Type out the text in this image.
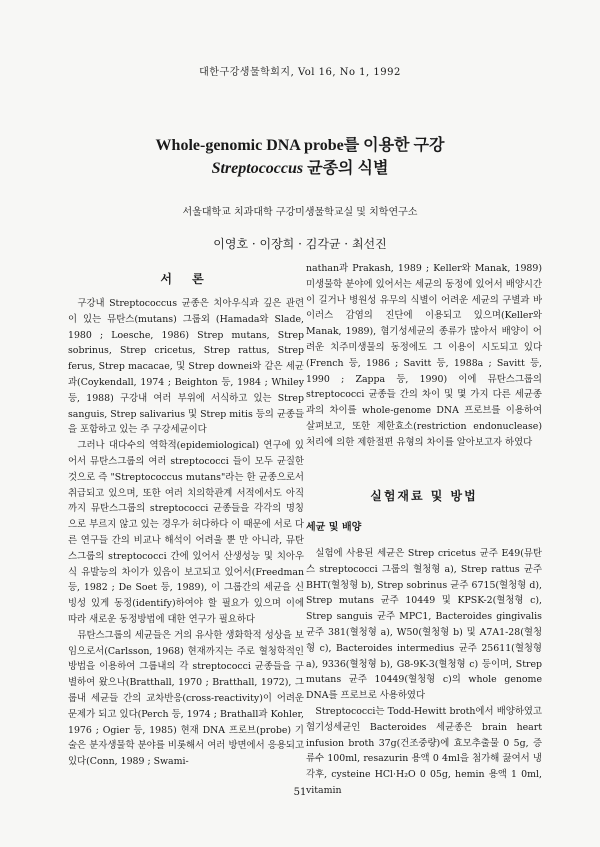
대한구강생물학회지, Vol 16, No 1, 1992
Whole-genomic DNA probe를 이용한 구강
Streptococcus 균종의 식별
서울대학교 치과대학 구강미생물학교실 및 치학연구소
이영호 · 이장희 · 김각균 · 최선진
서 론

구강내 Streptococcus 균종은 치아우식과 깊은 관련이 있는 뮤탄스(mutans) 그룹외 (Hamada와 Slade, 1980 ; Loesche, 1986) Strep mutans, Strep sobrinus, Strep cricetus, Strep rattus, Strep ferus, Strep macacae, 및 Strep downei와 같은 세균과(Coykendall, 1974 ; Beighton 등, 1984 ; Whiley 등, 1988) 구강내 여러 부위에 서식하고 있는 Strep sanguis, Strep salivarius 및 Strep mitis 등의 균종들을 포함하고 있는 주 구강세균이다

그러나 대다수의 역학적(epidemiological) 연구에 있어서 뮤탄스그룹의 여러 streptococci 들이 모두 균질한 것으로 즉 "Streptococcus mutans"라는 한 균종으로서 취급되고 있으며, 또한 여러 치의학관계 서적에서도 아직까지 뮤탄스그룹의 streptococci 균종들을 각각의 명칭으로 부르지 않고 있는 경우가 허다하다 이 때문에 서로 다른 연구들 간의 비교나 해석이 어려울 뿐 만 아니라, 뮤탄스그룹의 streptococci 간에 있어서 산생성능 및 치아우식 유발능의 차이가 있음이 보고되고 있어서(Freedman 등, 1982 ; De Soet 등, 1989), 이 그룹간의 세균을 신빙성 있게 동정(identify)하여야 할 필요가 있으며 이에 따라 새로운 동정방법에 대한 연구가 필요하다

뮤탄스그룹의 세균들은 거의 유사한 생화학적 성상을 보임으로서(Carlsson, 1968) 현재까지는 주로 혈청학적인 방법을 이용하여 그룹내의 각 streptococci 균종들을 구별하여 왔으나(Bratthall, 1970 ; Bratthall, 1972), 그룹내 세균들 간의 교차반응(cross-reactivity)이 어려운 문제가 되고 있다(Perch 등, 1974 ; Brathall과 Kohler, 1976 ; Ogier 등, 1985) 현재 DNA 프로브(probe) 기술은 분자생물학 분야를 비롯해서 여러 방면에서 응용되고 있다(Conn, 1989 ; Swami-

nathan과 Prakash, 1989 ; Keller와 Manak, 1989) 미생물학 분야에 있어서는 세균의 동정에 있어서 배양시간이 길거나 병원성 유무의 식별이 어려운 세균의 구별과 바이러스 감염의 진단에 이용되고 있으며(Keller와 Manak, 1989), 혐기성세균의 종류가 많아서 배양이 어려운 치주미생물의 동정에도 그 이용이 시도되고 있다(French 등, 1986 ; Savitt 등, 1988a ; Savitt 등, 1990 ; Zappa 등, 1990) 이에 뮤탄스그룹의 streptococci 균종들 간의 차이 및 몇 가지 다른 세균종과의 차이를 whole-genome DNA 프로브를 이용하여 살펴보고, 또한 제한효소(restriction endonuclease) 처리에 의한 제한절편 유형의 차이를 알아보고자 하였다

실험재료 및 방법
세균 및 배양

실험에 사용된 세균은 Strep cricetus 균주 E49(뮤탄스 streptococci 그룹의 혈청형 a), Strep rattus 균주 BHT(혈청형 b), Strep sobrinus 균주 6715(혈청형 d), Strep mutans 균주 10449 및 KPSK-2(혈청형 c), Strep sanguis 균주 MPC1, Bacteroides gingivalis 균주 381(혈청형 a), W50(혈청형 b) 및 A7A1-28(혈청형 c), Bacteroides intermedius 균주 25611(혈청형 a), 9336(혈청형 b), G8-9K-3(혈청형 c) 등이며, Strep mutans 균주 10449(혈청형 c)의 whole genome DNA를 프로브로 사용하였다

Streptococci는 Todd-Hewitt broth에서 배양하였고 혐기성세균인 Bacteroides 세균종은 brain heart infusion broth 37g(건조중량)에 효모추출물 0 5g, 증류수 100ml, resazurin 용액 0 4ml을 첨가해 끓여서 냉각후, cysteine HCl·H₂O 0 05g, hemin 용액 1 0ml, vitamin

51
